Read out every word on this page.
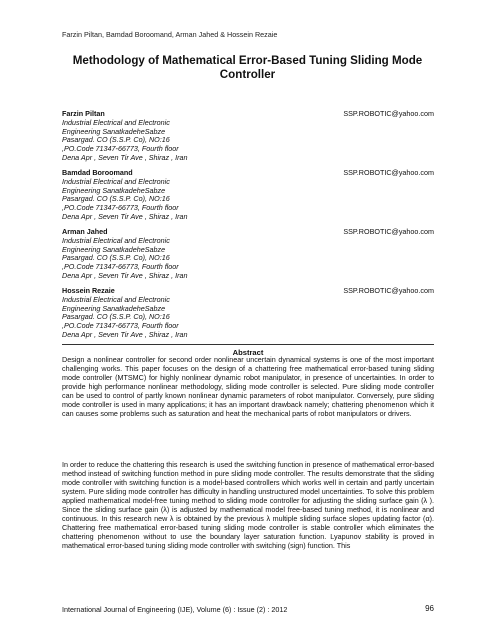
Farzin Piltan, Bamdad Boroomand, Arman Jahed & Hossein Rezaie
Methodology of Mathematical Error-Based Tuning Sliding Mode
Controller
Farzin Piltan	SSP.ROBOTIC@yahoo.com
Industrial Electrical and Electronic
Engineering SanatkadeheSabze
Pasargad. CO (S.S.P. Co), NO:16
,PO.Code 71347-66773, Fourth floor
Dena Apr , Seven Tir Ave , Shiraz , Iran
Bamdad Boroomand	SSP.ROBOTIC@yahoo.com
Industrial Electrical and Electronic
Engineering SanatkadeheSabze
Pasargad. CO (S.S.P. Co), NO:16
,PO.Code 71347-66773, Fourth floor
Dena Apr , Seven Tir Ave , Shiraz , Iran
Arman Jahed	SSP.ROBOTIC@yahoo.com
Industrial Electrical and Electronic
Engineering SanatkadeheSabze
Pasargad. CO (S.S.P. Co), NO:16
,PO.Code 71347-66773, Fourth floor
Dena Apr , Seven Tir Ave , Shiraz , Iran
Hossein Rezaie	SSP.ROBOTIC@yahoo.com
Industrial Electrical and Electronic
Engineering SanatkadeheSabze
Pasargad. CO (S.S.P. Co), NO:16
,PO.Code 71347-66773, Fourth floor
Dena Apr , Seven Tir Ave , Shiraz , Iran
Abstract

Design a nonlinear controller for second order nonlinear uncertain dynamical systems is one of the most important challenging works. This paper focuses on the design of a chattering free mathematical error-based tuning sliding mode controller (MTSMC) for highly nonlinear dynamic robot manipulator, in presence of uncertainties. In order to provide high performance nonlinear methodology, sliding mode controller is selected. Pure sliding mode controller can be used to control of partly known nonlinear dynamic parameters of robot manipulator. Conversely, pure sliding mode controller is used in many applications; it has an important drawback namely; chattering phenomenon which it can causes some problems such as saturation and heat the mechanical parts of robot manipulators or drivers.

In order to reduce the chattering this research is used the switching function in presence of mathematical error-based method instead of switching function method in pure sliding mode controller. The results demonstrate that the sliding mode controller with switching function is a model-based controllers which works well in certain and partly uncertain system. Pure sliding mode controller has difficulty in handling unstructured model uncertainties. To solve this problem applied mathematical model-free tuning method to sliding mode controller for adjusting the sliding surface gain (λ ). Since the sliding surface gain (λ) is adjusted by mathematical model free-based tuning method, it is nonlinear and continuous. In this research new λ is obtained by the previous λ multiple sliding surface slopes updating factor (α). Chattering free mathematical error-based tuning sliding mode controller is stable controller which eliminates the chattering phenomenon without to use the boundary layer saturation function. Lyapunov stability is proved in mathematical error-based tuning sliding mode controller with switching (sign) function. This

International Journal of Engineering (IJE), Volume (6) : Issue (2) : 2012	96
